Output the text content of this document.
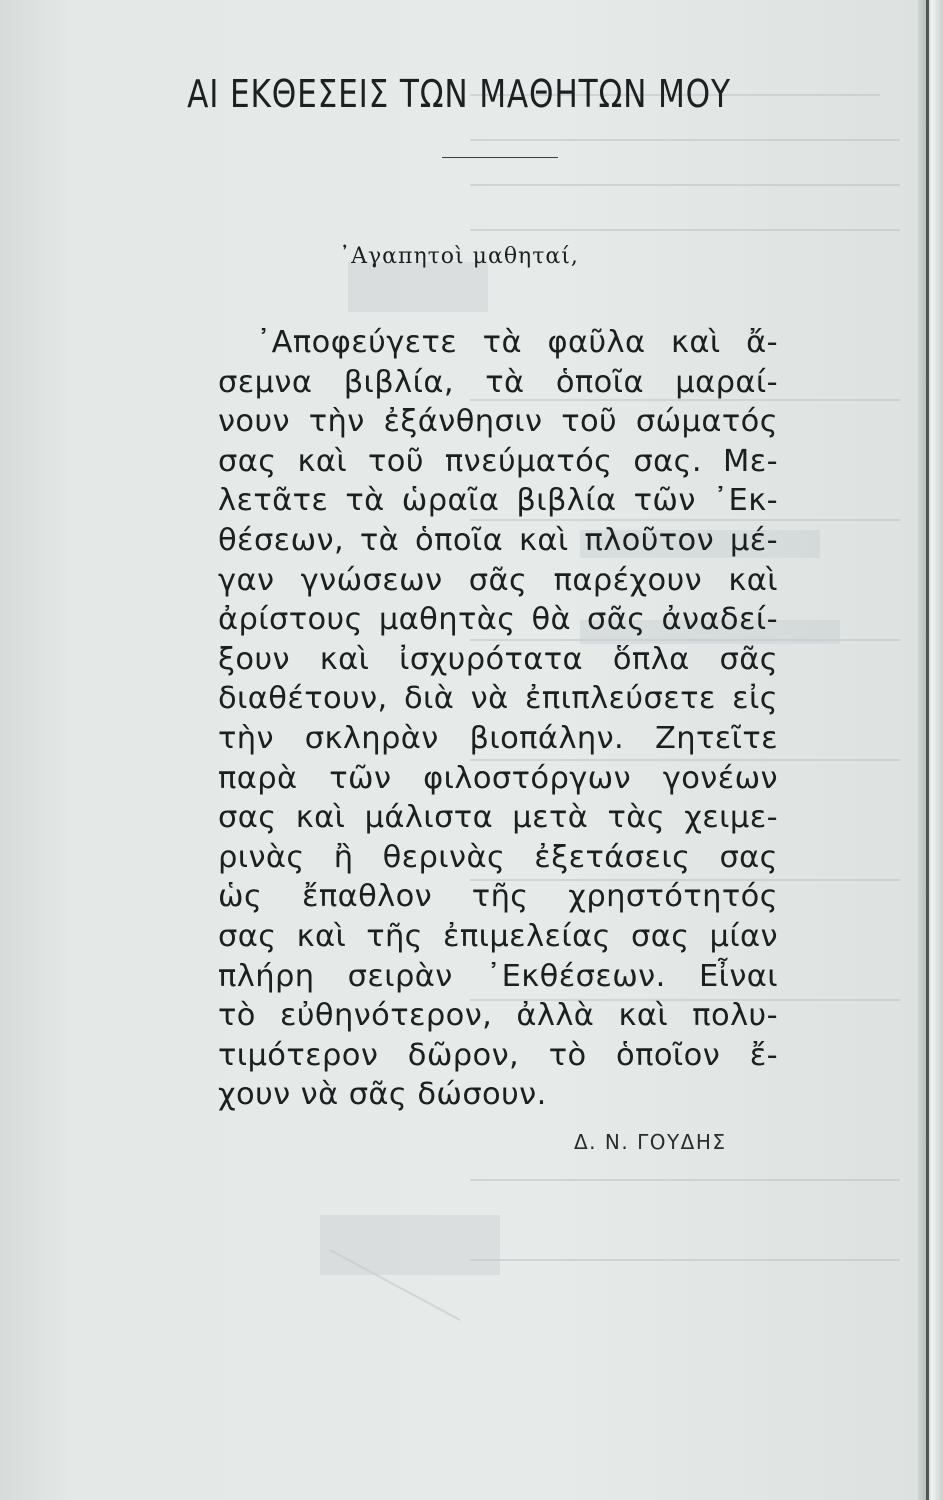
ΑΙ ΕΚΘΕΣΕΙΣ ΤΩΝ ΜΑΘΗΤΩΝ ΜΟΥ
᾿Αγαπητοὶ μαθηταί,
᾿Αποφεύγετε τὰ φαῦλα καὶ ἄ-
σεμνα βιβλία, τὰ ὁποῖα μαραί-
νουν τὴν ἐξάνθησιν τοῦ σώματός
σας καὶ τοῦ πνεύματός σας. Με-
λετᾶτε τὰ ὡραῖα βιβλία τῶν ᾿Εκ-
θέσεων, τὰ ὁποῖα καὶ πλοῦτον μέ-
γαν γνώσεων σᾶς παρέχουν καὶ
ἀρίστους μαθητὰς θὰ σᾶς ἀναδεί-
ξουν καὶ ἰσχυρότατα ὅπλα σᾶς
διαθέτουν, διὰ νὰ ἐπιπλεύσετε εἰς
τὴν σκληρὰν βιοπάλην. Ζητεῖτε
παρὰ τῶν φιλοστόργων γονέων
σας καὶ μάλιστα μετὰ τὰς χειμε-
ρινὰς ἢ θερινὰς ἐξετάσεις σας
ὡς ἔπαθλον τῆς χρηστότητός
σας καὶ τῆς ἐπιμελείας σας μίαν
πλήρη σειρὰν ᾿Εκθέσεων. Εἶναι
τὸ εὐθηνότερον, ἀλλὰ καὶ πολυ-
τιμότερον δῶρον, τὸ ὁποῖον ἔ-
χουν νὰ σᾶς δώσουν.
Δ. Ν. ΓΟΥΔΗΣ
